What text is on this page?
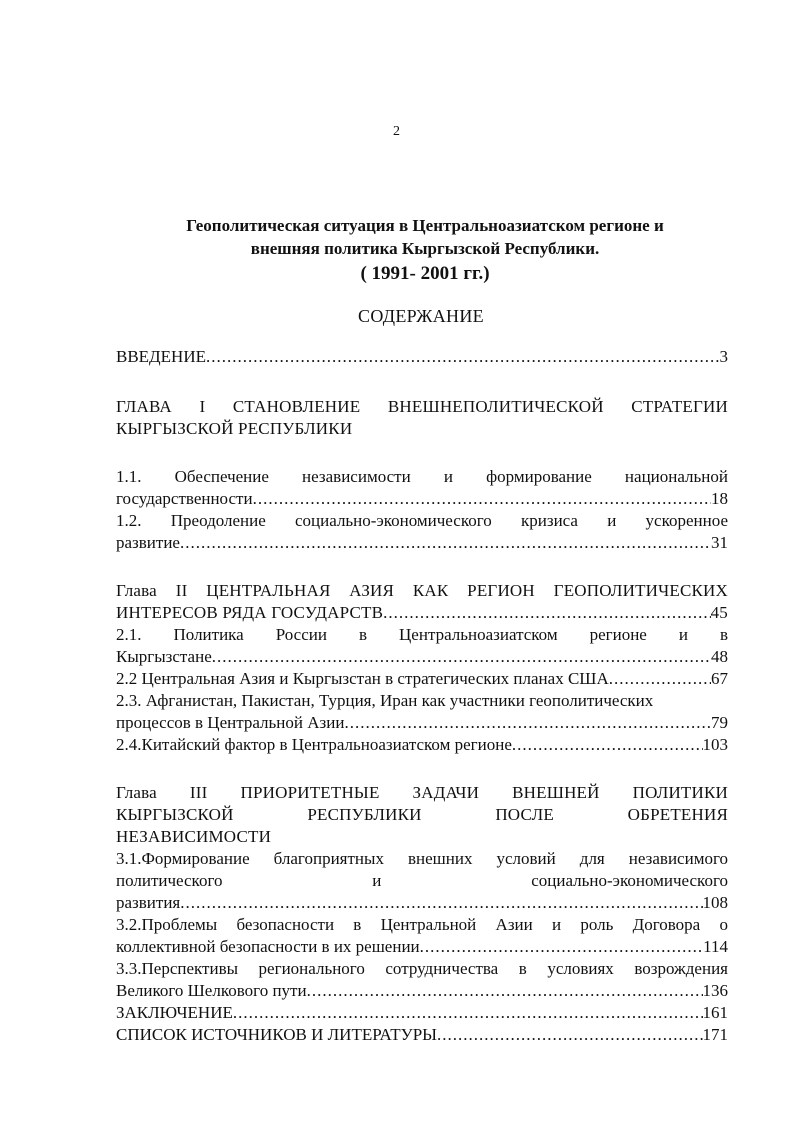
2
Геополитическая ситуация в Центральноазиатском регионе и
внешняя политика Кыргызской Республики.
( 1991- 2001 гг.)
СОДЕРЖАНИЕ
ВВЕДЕНИЕ .....	3
ГЛАВА I СТАНОВЛЕНИЕ ВНЕШНЕПОЛИТИЧЕСКОЙ СТРАТЕГИИ
КЫРГЫЗСКОЙ РЕСПУБЛИКИ
1.1. Обеспечение независимости и формирование национальной
государственности .....	18
1.2. Преодоление социально-экономического кризиса и ускоренное
развитие .....	31
Глава II ЦЕНТРАЛЬНАЯ АЗИЯ КАК РЕГИОН ГЕОПОЛИТИЧЕСКИХ
ИНТЕРЕСОВ РЯДА ГОСУДАРСТВ .....	45
2.1. Политика России в Центральноазиатском регионе и в
Кыргызстане .....	48
2.2 Центральная Азия и Кыргызстан в стратегических планах США .....	67
2.3. Афганистан, Пакистан, Турция, Иран как участники геополитических
процессов в Центральной Азии .....	79
2.4.Китайский фактор в Центральноазиатском регионе .....	103
Глава III ПРИОРИТЕТНЫЕ ЗАДАЧИ ВНЕШНЕЙ ПОЛИТИКИ
КЫРГЫЗСКОЙ РЕСПУБЛИКИ ПОСЛЕ ОБРЕТЕНИЯ
НЕЗАВИСИМОСТИ
3.1.Формирование благоприятных внешних условий для независимого
политического и социально-экономического
развития .....	108
3.2.Проблемы безопасности в Центральной Азии и роль Договора о
коллективной безопасности в их решении .....	114
3.3.Перспективы регионального сотрудничества в условиях возрождения
Великого Шелкового пути .....	136
ЗАКЛЮЧЕНИЕ .....	161
СПИСОК ИСТОЧНИКОВ И ЛИТЕРАТУРЫ .....	171
